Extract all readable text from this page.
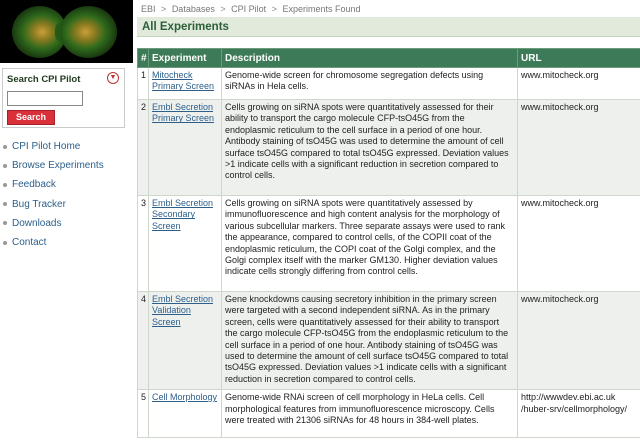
Search CPI Pilot	▼
Search
CPI Pilot Home
Browse Experiments
Feedback
Bug Tracker
Downloads
Contact
EBI > Databases > CPI Pilot > Experiments Found
All Experiments
#	Experiment	Description	URL
1	Mitocheck Primary Screen	Genome-wide screen for chromosome segregation defects using siRNAs in Hela cells.	www.mitocheck.org
2	Embl Secretion Primary Screen	Cells growing on siRNA spots were quantitatively assessed for their ability to transport the cargo molecule CFP-tsO45G from the endoplasmic reticulum to the cell surface in a period of one hour. Antibody staining of tsO45G was used to determine the amount of cell surface tsO45G compared to total tsO45G expressed. Deviation values >1 indicate cells with a significant reduction in secretion compared to control cells.	www.mitocheck.org
3	Embl Secretion Secondary Screen	Cells growing on siRNA spots were quantitatively assessed by immunofluorescence and high content analysis for the morphology of various subcellular markers. Three separate assays were used to rank the appearance, compared to control cells, of the COPII coat of the endoplasmic reticulum, the COPI coat of the Golgi complex, and the Golgi complex itself with the marker GM130. Higher deviation values indicate cells strongly differing from control cells.	www.mitocheck.org
4	Embl Secretion Validation Screen	Gene knockdowns causing secretory inhibition in the primary screen were targeted with a second independent siRNA. As in the primary screen, cells were quantitatively assessed for their ability to transport the cargo molecule CFP-tsO45G from the endoplasmic reticulum to the cell surface in a period of one hour. Antibody staining of tsO45G was used to determine the amount of cell surface tsO45G compared to total tsO45G expressed. Deviation values >1 indicate cells with a significant reduction in secretion compared to control cells.	www.mitocheck.org
5	Cell Morphology	Genome-wide RNAi screen of cell morphology in HeLa cells. Cell morphological features from immunofluorescence microscopy. Cells were treated with 21306 siRNAs for 48 hours in 384-well plates.	http://wwwdev.ebi.ac.uk /huber-srv/cellmorphology/
